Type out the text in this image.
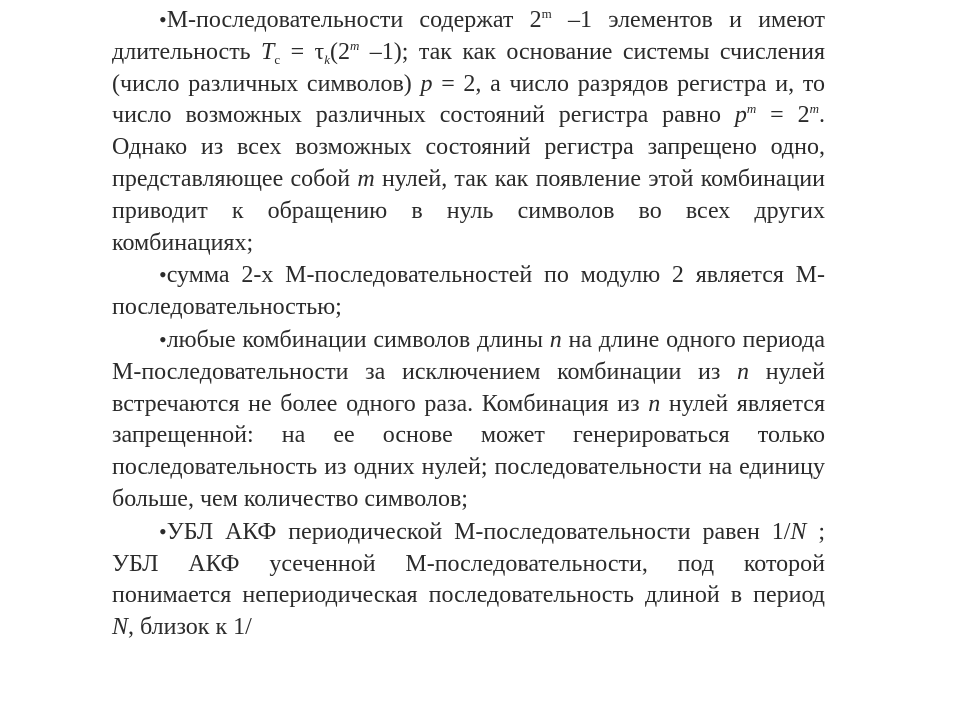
•М-последовательности содержат 2$^m$ –1 элементов и имеют длительность $T_c = \tau_k(2^m$ –1); так как основание системы счисления (число различных символов) p = 2, а число разрядов регистра и, то число возможных различных состояний регистра равно $p^m = 2^m$. Однако из всех возможных состояний регистра запрещено одно, представляющее собой m нулей, так как появление этой комбинации приводит к обращению в нуль символов во всех других комбинациях;

•сумма 2-х М-последовательностей по модулю 2 является М-последовательностью;

•любые комбинации символов длины n на длине одного периода М-последовательности за исключением комбинации из n нулей встречаются не более одного раза. Комбинация из n нулей является запрещенной: на ее основе может генерироваться только последовательность из одних нулей; последовательности на единицу больше, чем количество символов;

•УБЛ АКФ периодической М-последовательности равен 1/N ; УБЛ АКФ усеченной М-последовательности, под которой понимается непериодическая последовательность длиной в период N, близок к 1/
